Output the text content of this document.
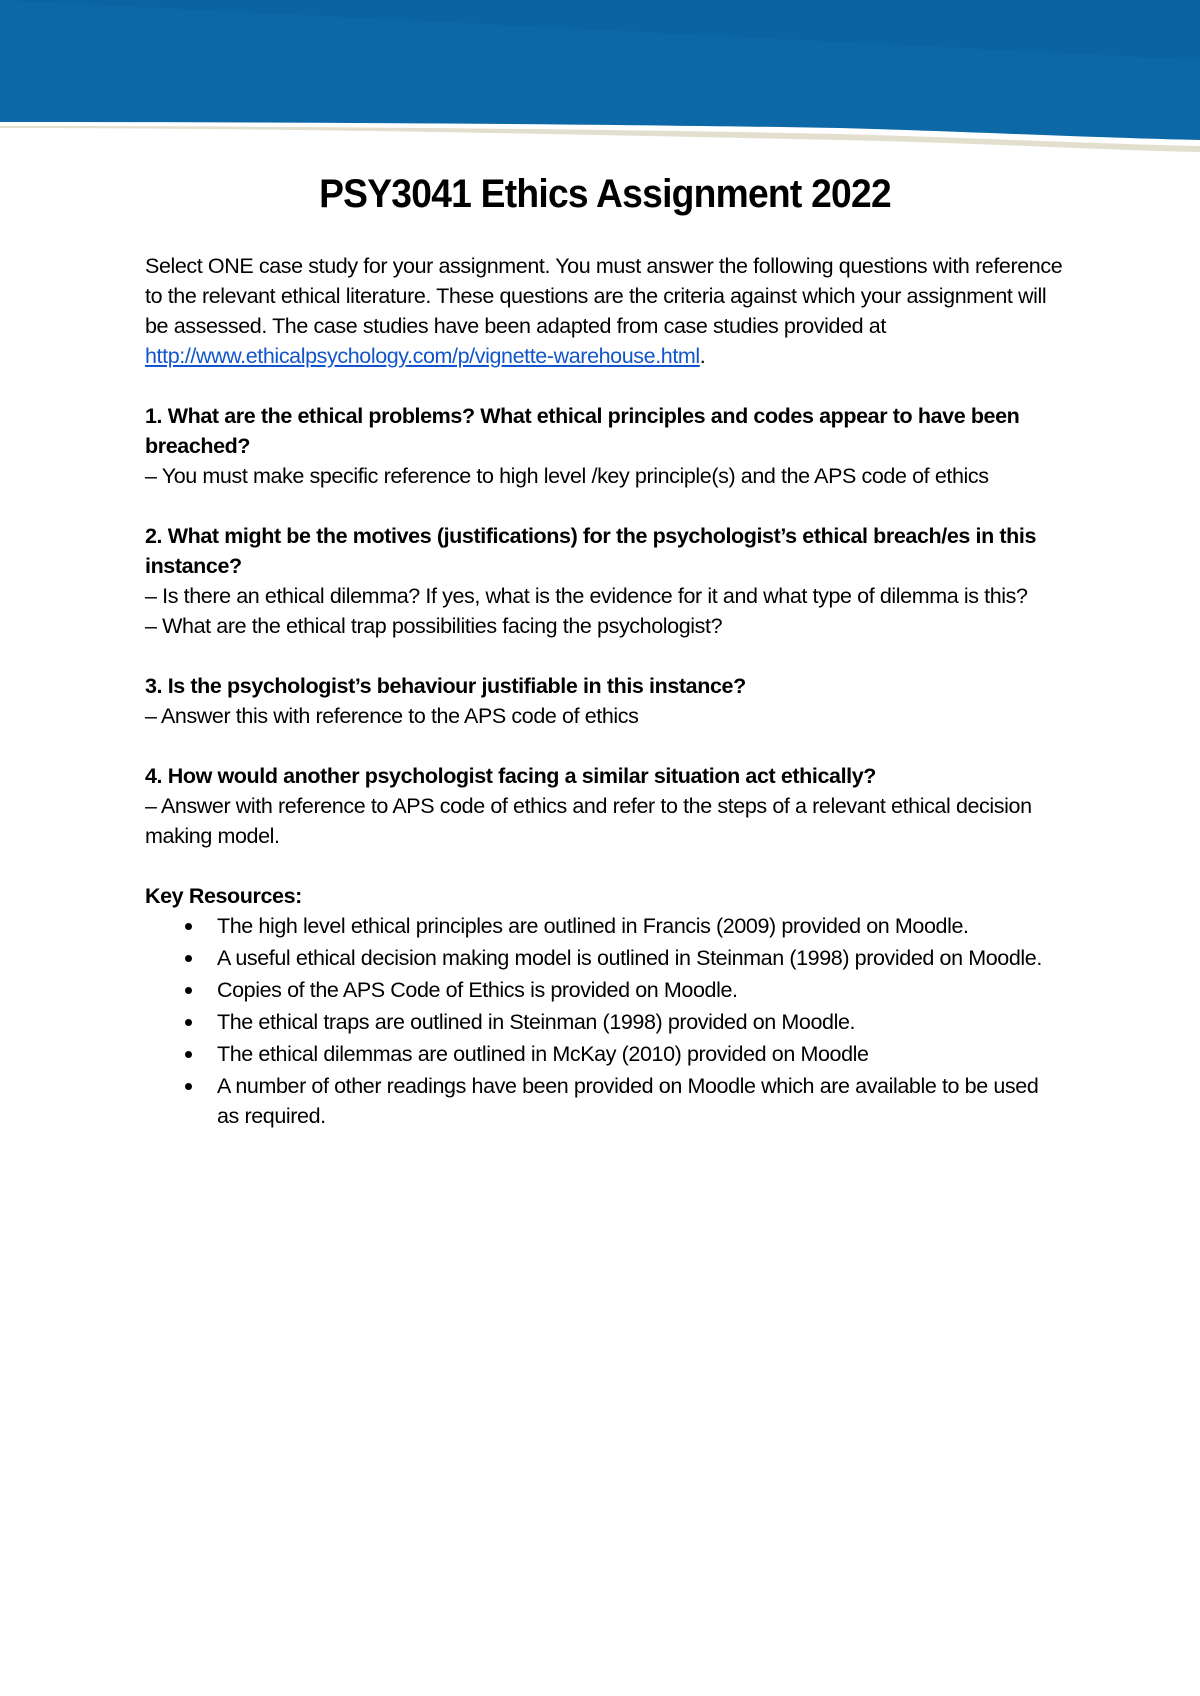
PSY3041 Ethics Assignment 2022

Select ONE case study for your assignment. You must answer the following questions with reference to the relevant ethical literature. These questions are the criteria against which your assignment will be assessed. The case studies have been adapted from case studies provided at http://www.ethicalpsychology.com/p/vignette-warehouse.html.

1. What are the ethical problems? What ethical principles and codes appear to have been breached?
– You must make specific reference to high level /key principle(s) and the APS code of ethics
2. What might be the motives (justifications) for the psychologist’s ethical breach/es in this instance?
– Is there an ethical dilemma? If yes, what is the evidence for it and what type of dilemma is this?
– What are the ethical trap possibilities facing the psychologist?
3. Is the psychologist’s behaviour justifiable in this instance?
– Answer this with reference to the APS code of ethics
4. How would another psychologist facing a similar situation act ethically?
– Answer with reference to APS code of ethics and refer to the steps of a relevant ethical decision making model.
Key Resources:
The high level ethical principles are outlined in Francis (2009) provided on Moodle.
A useful ethical decision making model is outlined in Steinman (1998) provided on Moodle.
Copies of the APS Code of Ethics is provided on Moodle.
The ethical traps are outlined in Steinman (1998) provided on Moodle.
The ethical dilemmas are outlined in McKay (2010) provided on Moodle
A number of other readings have been provided on Moodle which are available to be used as required.
